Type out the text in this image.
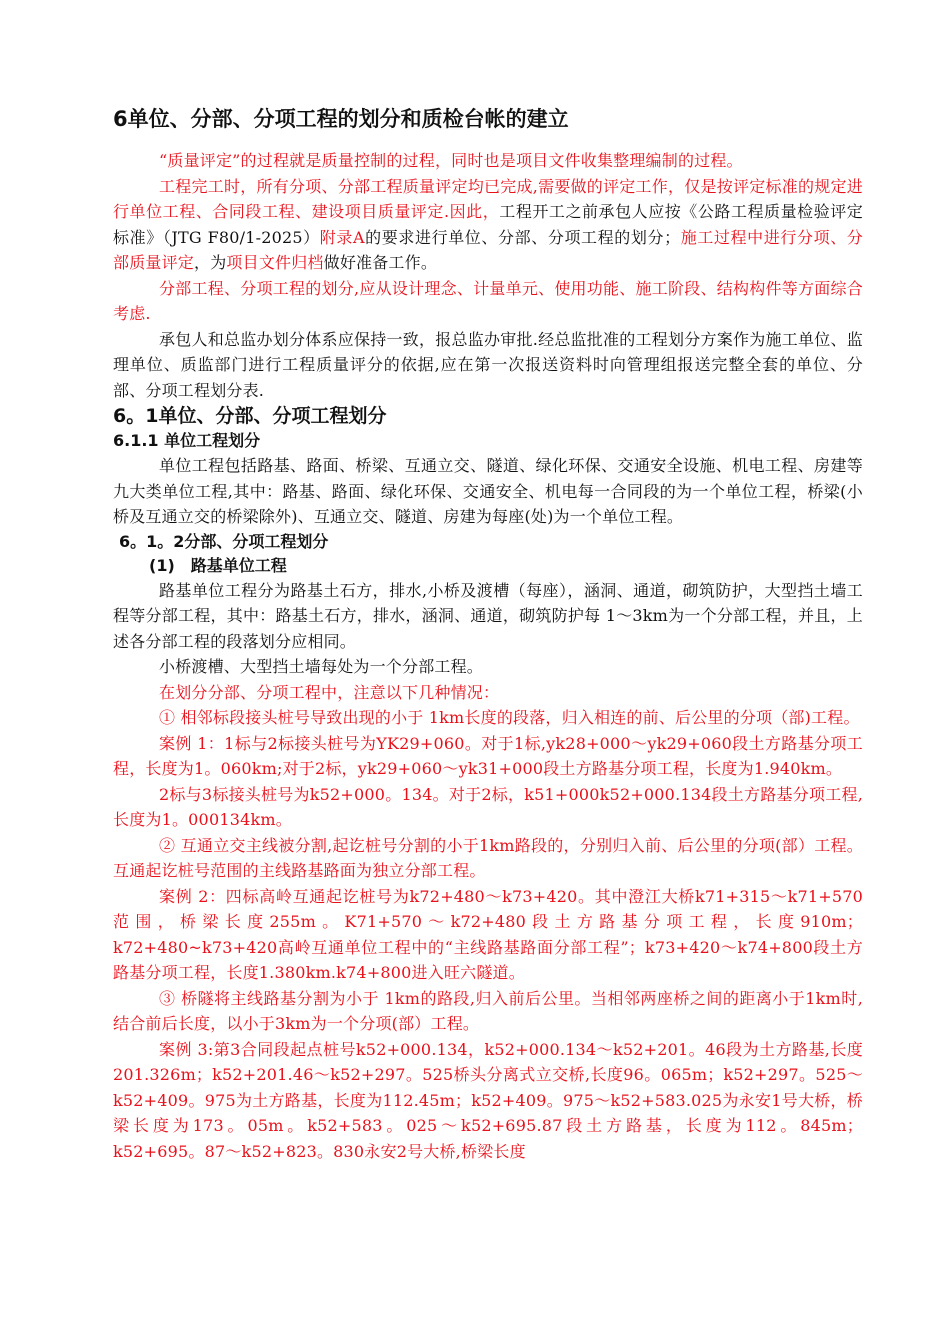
6单位、分部、分项工程的划分和质检台帐的建立

“质量评定”的过程就是质量控制的过程，同时也是项目文件收集整理编制的过程。

工程完工时，所有分项、分部工程质量评定均已完成,需要做的评定工作，仅是按评定标准的规定进行单位工程、合同段工程、建设项目质量评定.因此，工程开工之前承包人应按《公路工程质量检验评定标准》（JTG F80/1-2025）附录A的要求进行单位、分部、分项工程的划分；施工过程中进行分项、分部质量评定，为项目文件归档做好准备工作。

分部工程、分项工程的划分,应从设计理念、计量单元、使用功能、施工阶段、结构构件等方面综合考虑.

承包人和总监办划分体系应保持一致，报总监办审批.经总监批准的工程划分方案作为施工单位、监理单位、质监部门进行工程质量评分的依据,应在第一次报送资料时向管理组报送完整全套的单位、分部、分项工程划分表.

6。1单位、分部、分项工程划分
6.1.1 单位工程划分

单位工程包括路基、路面、桥梁、互通立交、隧道、绿化环保、交通安全设施、机电工程、房建等九大类单位工程,其中：路基、路面、绿化环保、交通安全、机电每一合同段的为一个单位工程，桥梁(小桥及互通立交的桥梁除外)、互通立交、隧道、房建为每座(处)为一个单位工程。

6。1。2分部、分项工程划分
(1)　路基单位工程

路基单位工程分为路基土石方，排水,小桥及渡槽（每座），涵洞、通道，砌筑防护，大型挡土墙工程等分部工程，其中：路基土石方，排水，涵洞、通道，砌筑防护每 1～3km为一个分部工程，并且，上述各分部工程的段落划分应相同。

小桥渡槽、大型挡土墙每处为一个分部工程。

在划分分部、分项工程中，注意以下几种情况：

① 相邻标段接头桩号导致出现的小于 1km长度的段落，归入相连的前、后公里的分项（部)工程。

案例 1：1标与2标接头桩号为YK29+060。对于1标,yk28+000～yk29+060段土方路基分项工程，长度为1。060km;对于2标，yk29+060～yk31+000段土方路基分项工程，长度为1.940km。

2标与3标接头桩号为k52+000。134。对于2标，k51+000k52+000.134段土方路基分项工程,长度为1。000134km。

② 互通立交主线被分割,起讫桩号分割的小于1km路段的，分别归入前、后公里的分项(部）工程。互通起讫桩号范围的主线路基路面为独立分部工程。

案例 2：四标高岭互通起讫桩号为k72+480～k73+420。其中澄江大桥k71+315～k71+570范围，桥梁长度255m。K71+570～k72+480段土方路基分项工程，长度910m；k72+480~k73+420高岭互通单位工程中的“主线路基路面分部工程”；k73+420～k74+800段土方路基分项工程，长度1.380km.k74+800进入旺六隧道。

③ 桥隧将主线路基分割为小于 1km的路段,归入前后公里。当相邻两座桥之间的距离小于1km时,结合前后长度，以小于3km为一个分项(部）工程。

案例 3:第3合同段起点桩号k52+000.134，k52+000.134～k52+201。46段为土方路基,长度201.326m；k52+201.46～k52+297。525桥头分离式立交桥,长度96。065m；k52+297。525～k52+409。975为土方路基，长度为112.45m；k52+409。975～k52+583.025为永安1号大桥，桥梁长度为173。05m。k52+583。025～k52+695.87段土方路基，长度为112。845m；k52+695。87～k52+823。830永安2号大桥,桥梁长度
